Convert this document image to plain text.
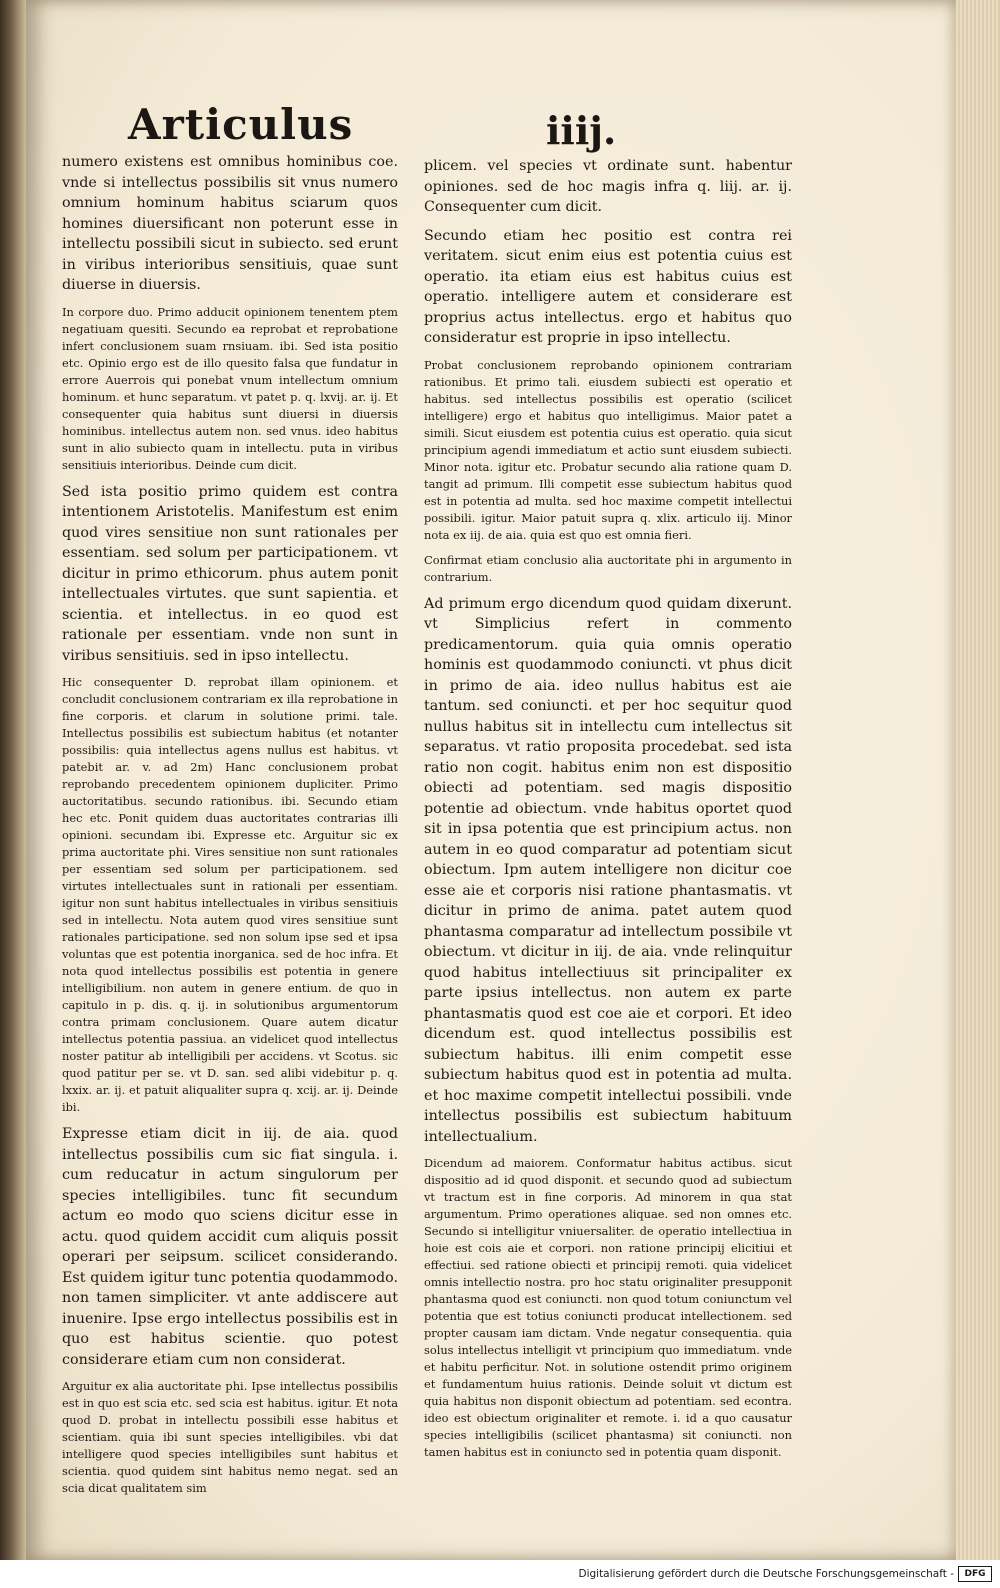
Articulus	iiij.

numero existens est omnibus hominibus coe. vnde si intellectus possibilis sit vnus numero omnium hominum habitus sciarum quos homines diuersificant non poterunt esse in intellectu possibili sicut in subiecto. sed erunt in viribus interioribus sensitiuis, quae sunt diuerse in diuersis.

In corpore duo. Primo adducit opinionem tenentem ptem negatiuam quesiti. Secundo ea reprobat et reprobatione infert conclusionem suam rnsiuam. ibi. Sed ista positio etc. Opinio ergo est de illo quesito falsa que fundatur in errore Auerrois qui ponebat vnum intellectum omnium hominum. et hunc separatum. vt patet p. q. lxvij. ar. ij. Et consequenter quia habitus sunt diuersi in diuersis hominibus. intellectus autem non. sed vnus. ideo habitus sunt in alio subiecto quam in intellectu. puta in viribus sensitiuis interioribus. Deinde cum dicit.

Sed ista positio primo quidem est contra intentionem Aristotelis. Manifestum est enim quod vires sensitiue non sunt rationales per essentiam. sed solum per participationem. vt dicitur in primo ethicorum. phus autem ponit intellectuales virtutes. que sunt sapientia. et scientia. et intellectus. in eo quod est rationale per essentiam. vnde non sunt in viribus sensitiuis. sed in ipso intellectu.

Hic consequenter D. reprobat illam opinionem. et concludit conclusionem contrariam ex illa reprobatione in fine corporis. et clarum in solutione primi. tale. Intellectus possibilis est subiectum habitus (et notanter possibilis: quia intellectus agens nullus est habitus. vt patebit ar. v. ad 2m) Hanc conclusionem probat reprobando precedentem opinionem dupliciter. Primo auctoritatibus. secundo rationibus. ibi. Secundo etiam hec etc. Ponit quidem duas auctoritates contrarias illi opinioni. secundam ibi. Expresse etc. Arguitur sic ex prima auctoritate phi. Vires sensitiue non sunt rationales per essentiam sed solum per participationem. sed virtutes intellectuales sunt in rationali per essentiam. igitur non sunt habitus intellectuales in viribus sensitiuis sed in intellectu. Nota autem quod vires sensitiue sunt rationales participatione. sed non solum ipse sed et ipsa voluntas que est potentia inorganica. sed de hoc infra. Et nota quod intellectus possibilis est potentia in genere intelligibilium. non autem in genere entium. de quo in capitulo in p. dis. q. ij. in solutionibus argumentorum contra primam conclusionem. Quare autem dicatur intellectus potentia passiua. an videlicet quod intellectus noster patitur ab intelligibili per accidens. vt Scotus. sic quod patitur per se. vt D. san. sed alibi videbitur p. q. lxxix. ar. ij. et patuit aliqualiter supra q. xcij. ar. ij. Deinde ibi.

Expresse etiam dicit in iij. de aia. quod intellectus possibilis cum sic fiat singula. i. cum reducatur in actum singulorum per species intelligibiles. tunc fit secundum actum eo modo quo sciens dicitur esse in actu. quod quidem accidit cum aliquis possit operari per seipsum. scilicet considerando. Est quidem igitur tunc potentia quodammodo. non tamen simpliciter. vt ante addiscere aut inuenire. Ipse ergo intellectus possibilis est in quo est habitus scientie. quo potest considerare etiam cum non considerat.

Arguitur ex alia auctoritate phi. Ipse intellectus possibilis est in quo est scia etc. sed scia est habitus. igitur. Et nota quod D. probat in intellectu possibili esse habitus et scientiam. quia ibi sunt species intelligibiles. vbi dat intelligere quod species intelligibiles sunt habitus et scientia. quod quidem sint habitus nemo negat. sed an scia dicat qualitatem sim

plicem. vel species vt ordinate sunt. habentur opiniones. sed de hoc magis infra q. liij. ar. ij. Consequenter cum dicit.

Secundo etiam hec positio est contra rei veritatem. sicut enim eius est potentia cuius est operatio. ita etiam eius est habitus cuius est operatio. intelligere autem et considerare est proprius actus intellectus. ergo et habitus quo consideratur est proprie in ipso intellectu.

Probat conclusionem reprobando opinionem contrariam rationibus. Et primo tali. eiusdem subiecti est operatio et habitus. sed intellectus possibilis est operatio (scilicet intelligere) ergo et habitus quo intelligimus. Maior patet a simili. Sicut eiusdem est potentia cuius est operatio. quia sicut principium agendi immediatum et actio sunt eiusdem subiecti. Minor nota. igitur etc. Probatur secundo alia ratione quam D. tangit ad primum. Illi competit esse subiectum habitus quod est in potentia ad multa. sed hoc maxime competit intellectui possibili. igitur. Maior patuit supra q. xlix. articulo iij. Minor nota ex iij. de aia. quia est quo est omnia fieri.

Confirmat etiam conclusio alia auctoritate phi in argumento in contrarium.

Ad primum ergo dicendum quod quidam dixerunt. vt Simplicius refert in commento predicamentorum. quia quia omnis operatio hominis est quodammodo coniuncti. vt phus dicit in primo de aia. ideo nullus habitus est aie tantum. sed coniuncti. et per hoc sequitur quod nullus habitus sit in intellectu cum intellectus sit separatus. vt ratio proposita procedebat. sed ista ratio non cogit. habitus enim non est dispositio obiecti ad potentiam. sed magis dispositio potentie ad obiectum. vnde habitus oportet quod sit in ipsa potentia que est principium actus. non autem in eo quod comparatur ad potentiam sicut obiectum. Ipm autem intelligere non dicitur coe esse aie et corporis nisi ratione phantasmatis. vt dicitur in primo de anima. patet autem quod phantasma comparatur ad intellectum possibile vt obiectum. vt dicitur in iij. de aia. vnde relinquitur quod habitus intellectiuus sit principaliter ex parte ipsius intellectus. non autem ex parte phantasmatis quod est coe aie et corpori. Et ideo dicendum est. quod intellectus possibilis est subiectum habitus. illi enim competit esse subiectum habitus quod est in potentia ad multa. et hoc maxime competit intellectui possibili. vnde intellectus possibilis est subiectum habituum intellectualium.

Dicendum ad maiorem. Conformatur habitus actibus. sicut dispositio ad id quod disponit. et secundo quod ad subiectum vt tractum est in fine corporis. Ad minorem in qua stat argumentum. Primo operationes aliquae. sed non omnes etc. Secundo si intelligitur vniuersaliter. de operatio intellectiua in hoie est cois aie et corpori. non ratione principij elicitiui et effectiui. sed ratione obiecti et principij remoti. quia videlicet omnis intellectio nostra. pro hoc statu originaliter presupponit phantasma quod est coniuncti. non quod totum coniunctum vel potentia que est totius coniuncti producat intellectionem. sed propter causam iam dictam. Vnde negatur consequentia. quia solus intellectus intelligit vt principium quo immediatum. vnde et habitu perficitur. Not. in solutione ostendit primo originem et fundamentum huius rationis. Deinde soluit vt dictum est quia habitus non disponit obiectum ad potentiam. sed econtra. ideo est obiectum originaliter et remote. i. id a quo causatur species intelligibilis (scilicet phantasma) sit coniuncti. non tamen habitus est in coniuncto sed in potentia quam disponit.

Digitalisierung gefördert durch die Deutsche Forschungsgemeinschaft -	DFG
